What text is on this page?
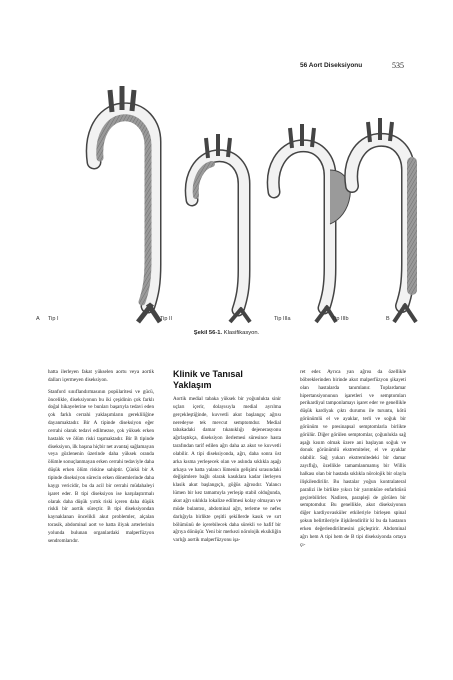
56 Aort Diseksiyonu	535
A Tip I	Tip II	Tip IIIa	Tip IIIb	B
Şekil 56-1. Klasifikasyon.

hatta ilerleyen fakat yükselen aortu veya aortik dalları içermeyen diseksiyon.

Stanford sınıflandırmasının popülaritesi ve gücü, öncelikle, diseksiyonun bu iki çeşidinin çok farklı doğal hikayelerine ve bunları başarıyla tedavi eden çok farklı cerrahi yaklaşımların gerekliliğine dayanmaktadır. Bir A tipinde diseksiyon eğer cerrahi olarak tedavi edilmezse, çok yüksek erken hastalık ve ölüm riski taşımaktadır. Bir B tipinde diseksiyon, ilk başına hiçbir net avantaj sağlamayan veya gözlenenin üzerinde daha yüksek oranda ölümle sonuçlanmayan erken cerrahi tedaviyle daha düşük erken ölüm riskine sahiptir. Çünkü bir A tipinde diseksiyon sürecin erken dönemlerinde daha kaygı vericidir, bu da acil bir cerrahi müdahaleyi işaret eder. B tipi diseksiyon ise karşılaştırmalı olarak daha düşük yırtık riski içeren daha düşük riskli bir aortik süreçtir. B tipi diseksiyondan kaynaklanan öncelikli akut problemler, alçalan torasik, abdominal aort ve hatta iliyak arterlerinin yolunda bulunan organlardaki malperfüzyon sendromlarıdır.

Klinik ve Tanısal Yaklaşım

Aortik medial tabaka yüksek bir yoğunlukta sinir uçları içerir, dolayısıyla medial ayrılma gerçekleştiğinde, kuvvetli akut başlangıç ağrısı neredeyse tek mevcut semptomdur. Medial tabakadaki damar tıkanıklığı dejenerasyonu ağırlaştıkça, diseksiyon ilerlemesi süresince hasta tarafından tarif edilen ağrı daha az akut ve kuvvetli olabilir. A tipi diseksiyonda, ağrı, daha sonra üst arka kısma yerleşecek olan ve aslında sıklıkla aşağı arkaya ve hatta yalancı lümenin gelişimi sırasındaki değişimlere bağlı olarak kasıklara kadar ilerleyen klasik akut başlangıçlı, göğüs ağrısıdır. Yalancı lümen bir kez tamamıyla yerleşip stabil olduğunda, akut ağrı sıklıkla lokalize edilmesi kolay olmayan ve müde bulantısı, abdominal ağrı, terleme ve nefes darlığıyla birlikte çeşitli şekillerde kasık ve sırt bölümünü de içerebilecek daha sürekli ve hafif bir ağrıya dönüşür. Yeni bir merkezi nörolojik eksikliğin varlığı aortik malperfüzyonu işa-

ret eder. Ayrıca yan ağrısı da özellikle böbreklerinden birinde akut malperfüzyon şikayeti olan hastalarda tanımlanır. Toplardamar hipertansiyonunun işaretleri ve semptomları perikardiyal tamponlamayı işaret eder ve genellikle düşük kardiyak çıktı durumu ile turuntu, kötü görünümlü el ve ayaklar, terli ve soğuk bir görünüm ve presinapsal semptomlarla birlikte görülür. Diğer görülen semptomlar, çoğunlukla sağ aşağı kısım olmak üzere ani başlayan soğuk ve donuk görünümlü ekstremiteler, el ve ayaklar olabilir. Sağ yukarı ekstremitedeki bir damar zayıflığı, özellikle tamamlanmamış bir Willis halkası olan bir hastada sıklıkla nörolojik bir olayla ilişkilendirilir. Bu hastalar yoğun kontralateral paralizi ile birlikte yıkıcı bir yarımküre enfarktüsü geçirebilirler. Nadiren, parapleji de görülen bir semptomdur. Bu genellikle, akut diseksiyonun diğer kardiyovasküler etkileriyle birleşen spinal şokun belirtileriyle ilişkilendirilir ki bu da hastanın erken değerlendirilmesini güçleştirir. Abdominal ağrı hem A tipi hem de B tipi diseksiyonda ortaya çı-
